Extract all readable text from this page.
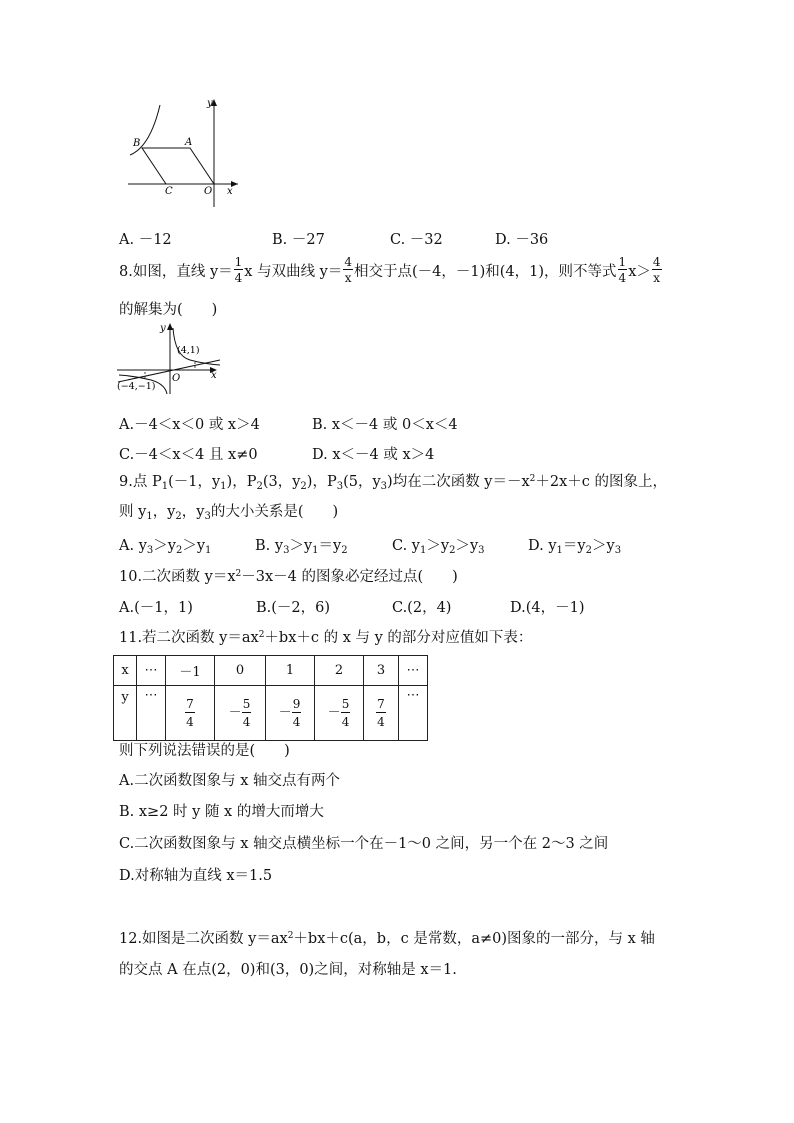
B	A
C	O x
y
A. －12	B. －27	C. －32	D. －36
8.如图，直线 $y= \frac{1}{4}$ x 与双曲线 $y= \frac{4}{x}$ 相交于点(－4，－1)和(4，1)，则不等式 $\frac{1}{4} x> \frac{4}{x}$
的解集为(　　)
y
x
O
(4,1)
(−4,−1)
A.－4＜x＜0 或 x＞4	B. x＜－4 或 0＜x＜4
C.－4＜x＜4 且 x≠0	D. x＜－4 或 x＞4
9.点 $P_1(-1$，$y_1$)，$P_2(3$，$y_2$)，$P_3(5$，$y_3$)均在二次函数 $y=-x^2+2x+c$ 的图象上，
则 $y_1$，$y_2$，$y_3$的大小关系是(　　)
A. $y_3>y_2>y_1$	B. $y_3>y_1=y_2$	C. $y_1>y_2>y_3$	D. $y_1=y_2>y_3$
10.二次函数 $y=x^2-3x-4$ 的图象必定经过点(　　)
A.(－1，1)	B.(－2，6)	C.(2，4)	D.(4，－1)
11.若二次函数 $y=ax^2+bx+c$ 的 x 与 y 的部分对应值如下表：
x	⋯	－1	0	1	2	3	⋯
y	⋯	$\frac{7}{4}$	－ $\frac{5}{4}$	－ $\frac{9}{4}$	－ $\frac{5}{4}$	$\frac{7}{4}$	⋯
则下列说法错误的是(　　)
A.二次函数图象与 x 轴交点有两个
B. x≥2 时 y 随 x 的增大而增大
C.二次函数图象与 x 轴交点横坐标一个在－1～0 之间，另一个在 2～3 之间
D.对称轴为直线 x＝1.5
12.如图是二次函数 $y=ax^2+bx+c(a$，b，c 是常数，a≠0)图象的一部分，与 x 轴
的交点 A 在点(2，0)和(3，0)之间，对称轴是 x＝1.
